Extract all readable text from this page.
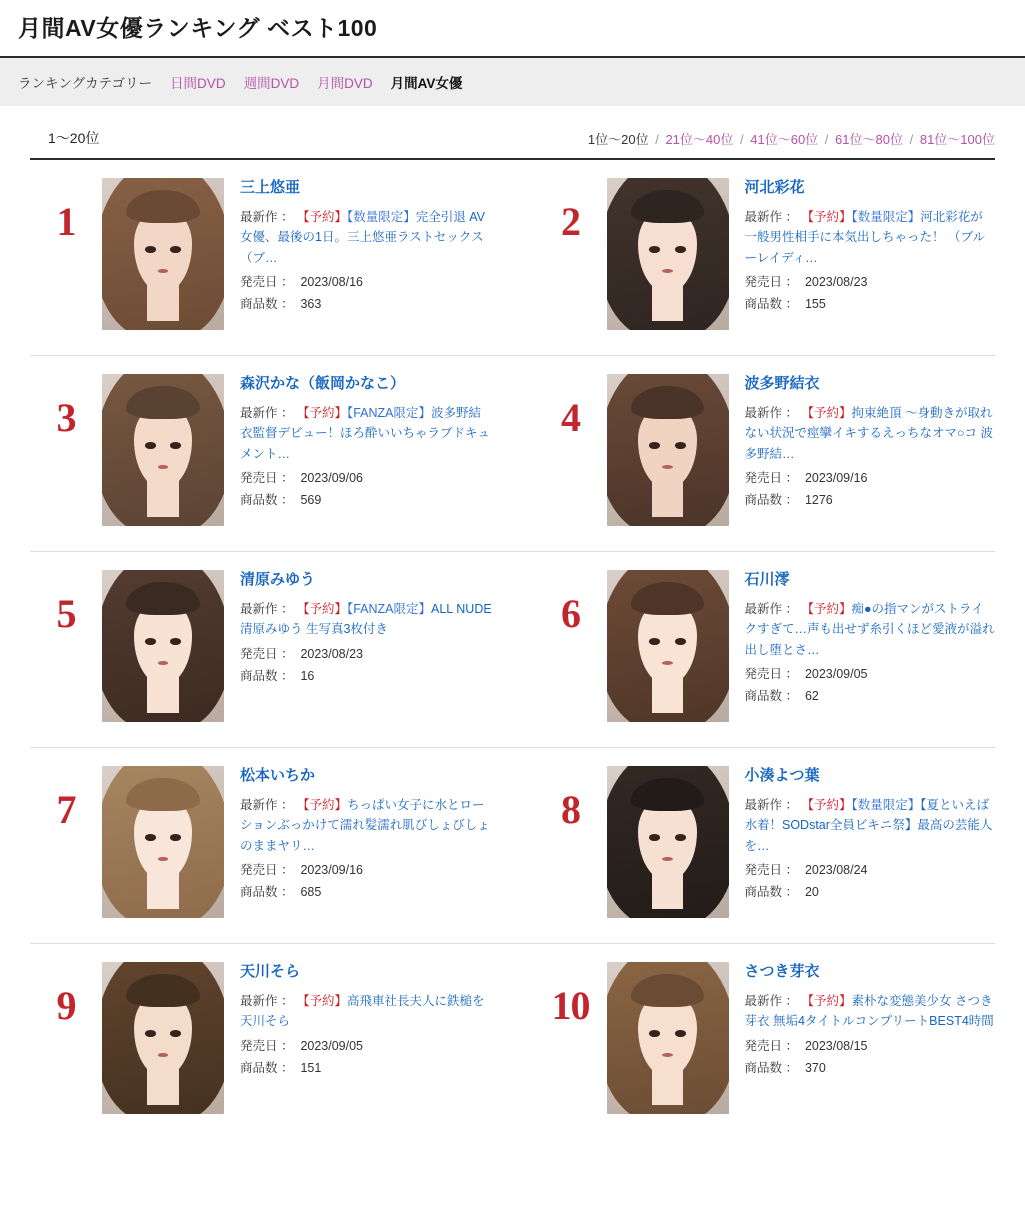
月間AV女優ランキング ベスト100
ランキングカテゴリー 日間DVD 週間DVD 月間DVD 月間AV女優
1〜20位	1位〜20位 / 21位〜40位 / 41位〜60位 / 61位〜80位 / 81位〜100位
1
三上悠亜
最新作 ： 【予約】【数量限定】完全引退 AV女優、最後の1日。三上悠亜ラストセックス （ブ…
発売日 ： 2023/08/16
商品数 ： 363
2
河北彩花
最新作 ： 【予約】【数量限定】河北彩花が一般男性相手に本気出しちゃった！ （ブルーレイディ…
発売日 ： 2023/08/23
商品数 ： 155
3
森沢かな（飯岡かなこ）
最新作 ： 【予約】【FANZA限定】波多野結衣監督デビュー！ほろ酔いいちゃラブドキュメント…
発売日 ： 2023/09/06
商品数 ： 569
4
波多野結衣
最新作 ： 【予約】拘束絶頂 〜身動きが取れない状況で痙攣イキするえっちなオマ○コ 波多野結…
発売日 ： 2023/09/16
商品数 ： 1276
5
清原みゆう
最新作 ： 【予約】【FANZA限定】ALL NUDE 清原みゆう 生写真3枚付き
発売日 ： 2023/08/23
商品数 ： 16
6
石川澪
最新作 ： 【予約】痴●の指マンがストライクすぎて…声も出せず糸引くほど愛液が溢れ出し堕とさ…
発売日 ： 2023/09/05
商品数 ： 62
7
松本いちか
最新作 ： 【予約】ちっぱい女子に水とローションぶっかけて濡れ髪濡れ肌びしょびしょのままヤリ…
発売日 ： 2023/09/16
商品数 ： 685
8
小湊よつ葉
最新作 ： 【予約】【数量限定】【夏といえば水着！SODstar全員ビキニ祭】最高の芸能人を…
発売日 ： 2023/08/24
商品数 ： 20
9
天川そら
最新作 ： 【予約】高飛車社長夫人に鉄槌を 天川そら
発売日 ： 2023/09/05
商品数 ： 151
10
さつき芽衣
最新作 ： 【予約】素朴な変態美少女 さつき芽衣 無垢4タイトルコンプリートBEST4時間
発売日 ： 2023/08/15
商品数 ： 370
